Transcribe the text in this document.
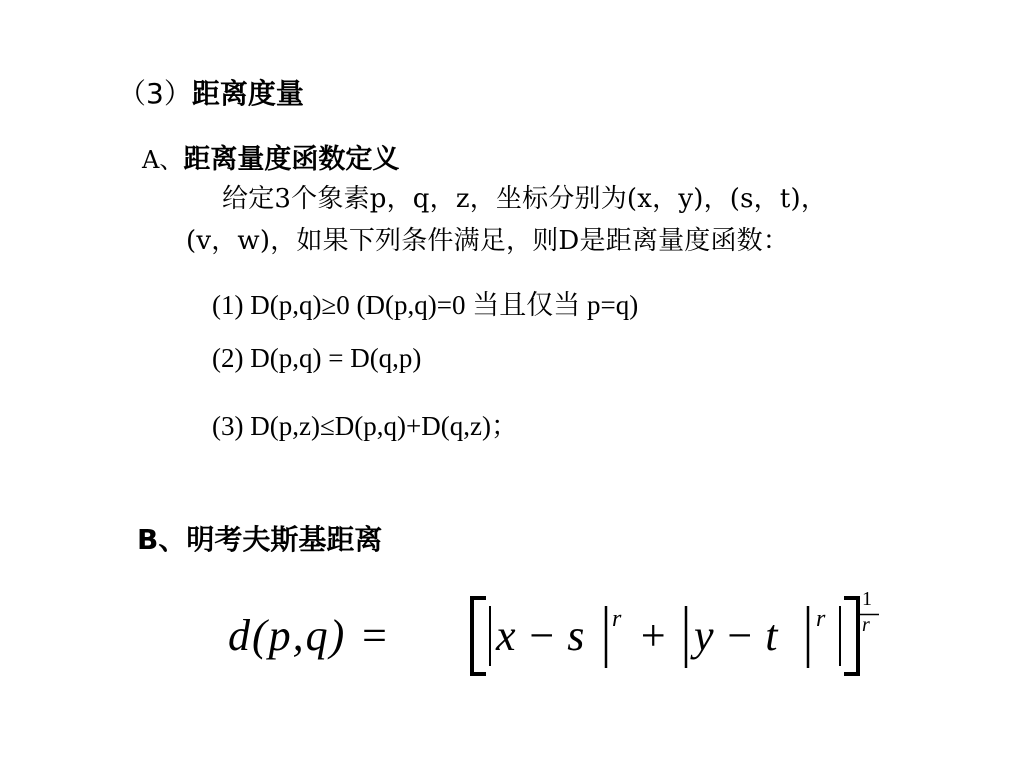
（3）距离度量
A、距离量度函数定义
给定3个象素p，q，z，坐标分别为(x，y)，(s，t)，
(v，w)，如果下列条件满足，则D是距离量度函数：
(1) D(p,q)≥0 (D(p,q)=0 当且仅当 p=q)
(2) D(p,q) = D(q,p)
(3) D(p,z)≤D(p,q)+D(q,z)；
B、明考夫斯基距离
d(p,q) = x − s r + y − t r
1
r
